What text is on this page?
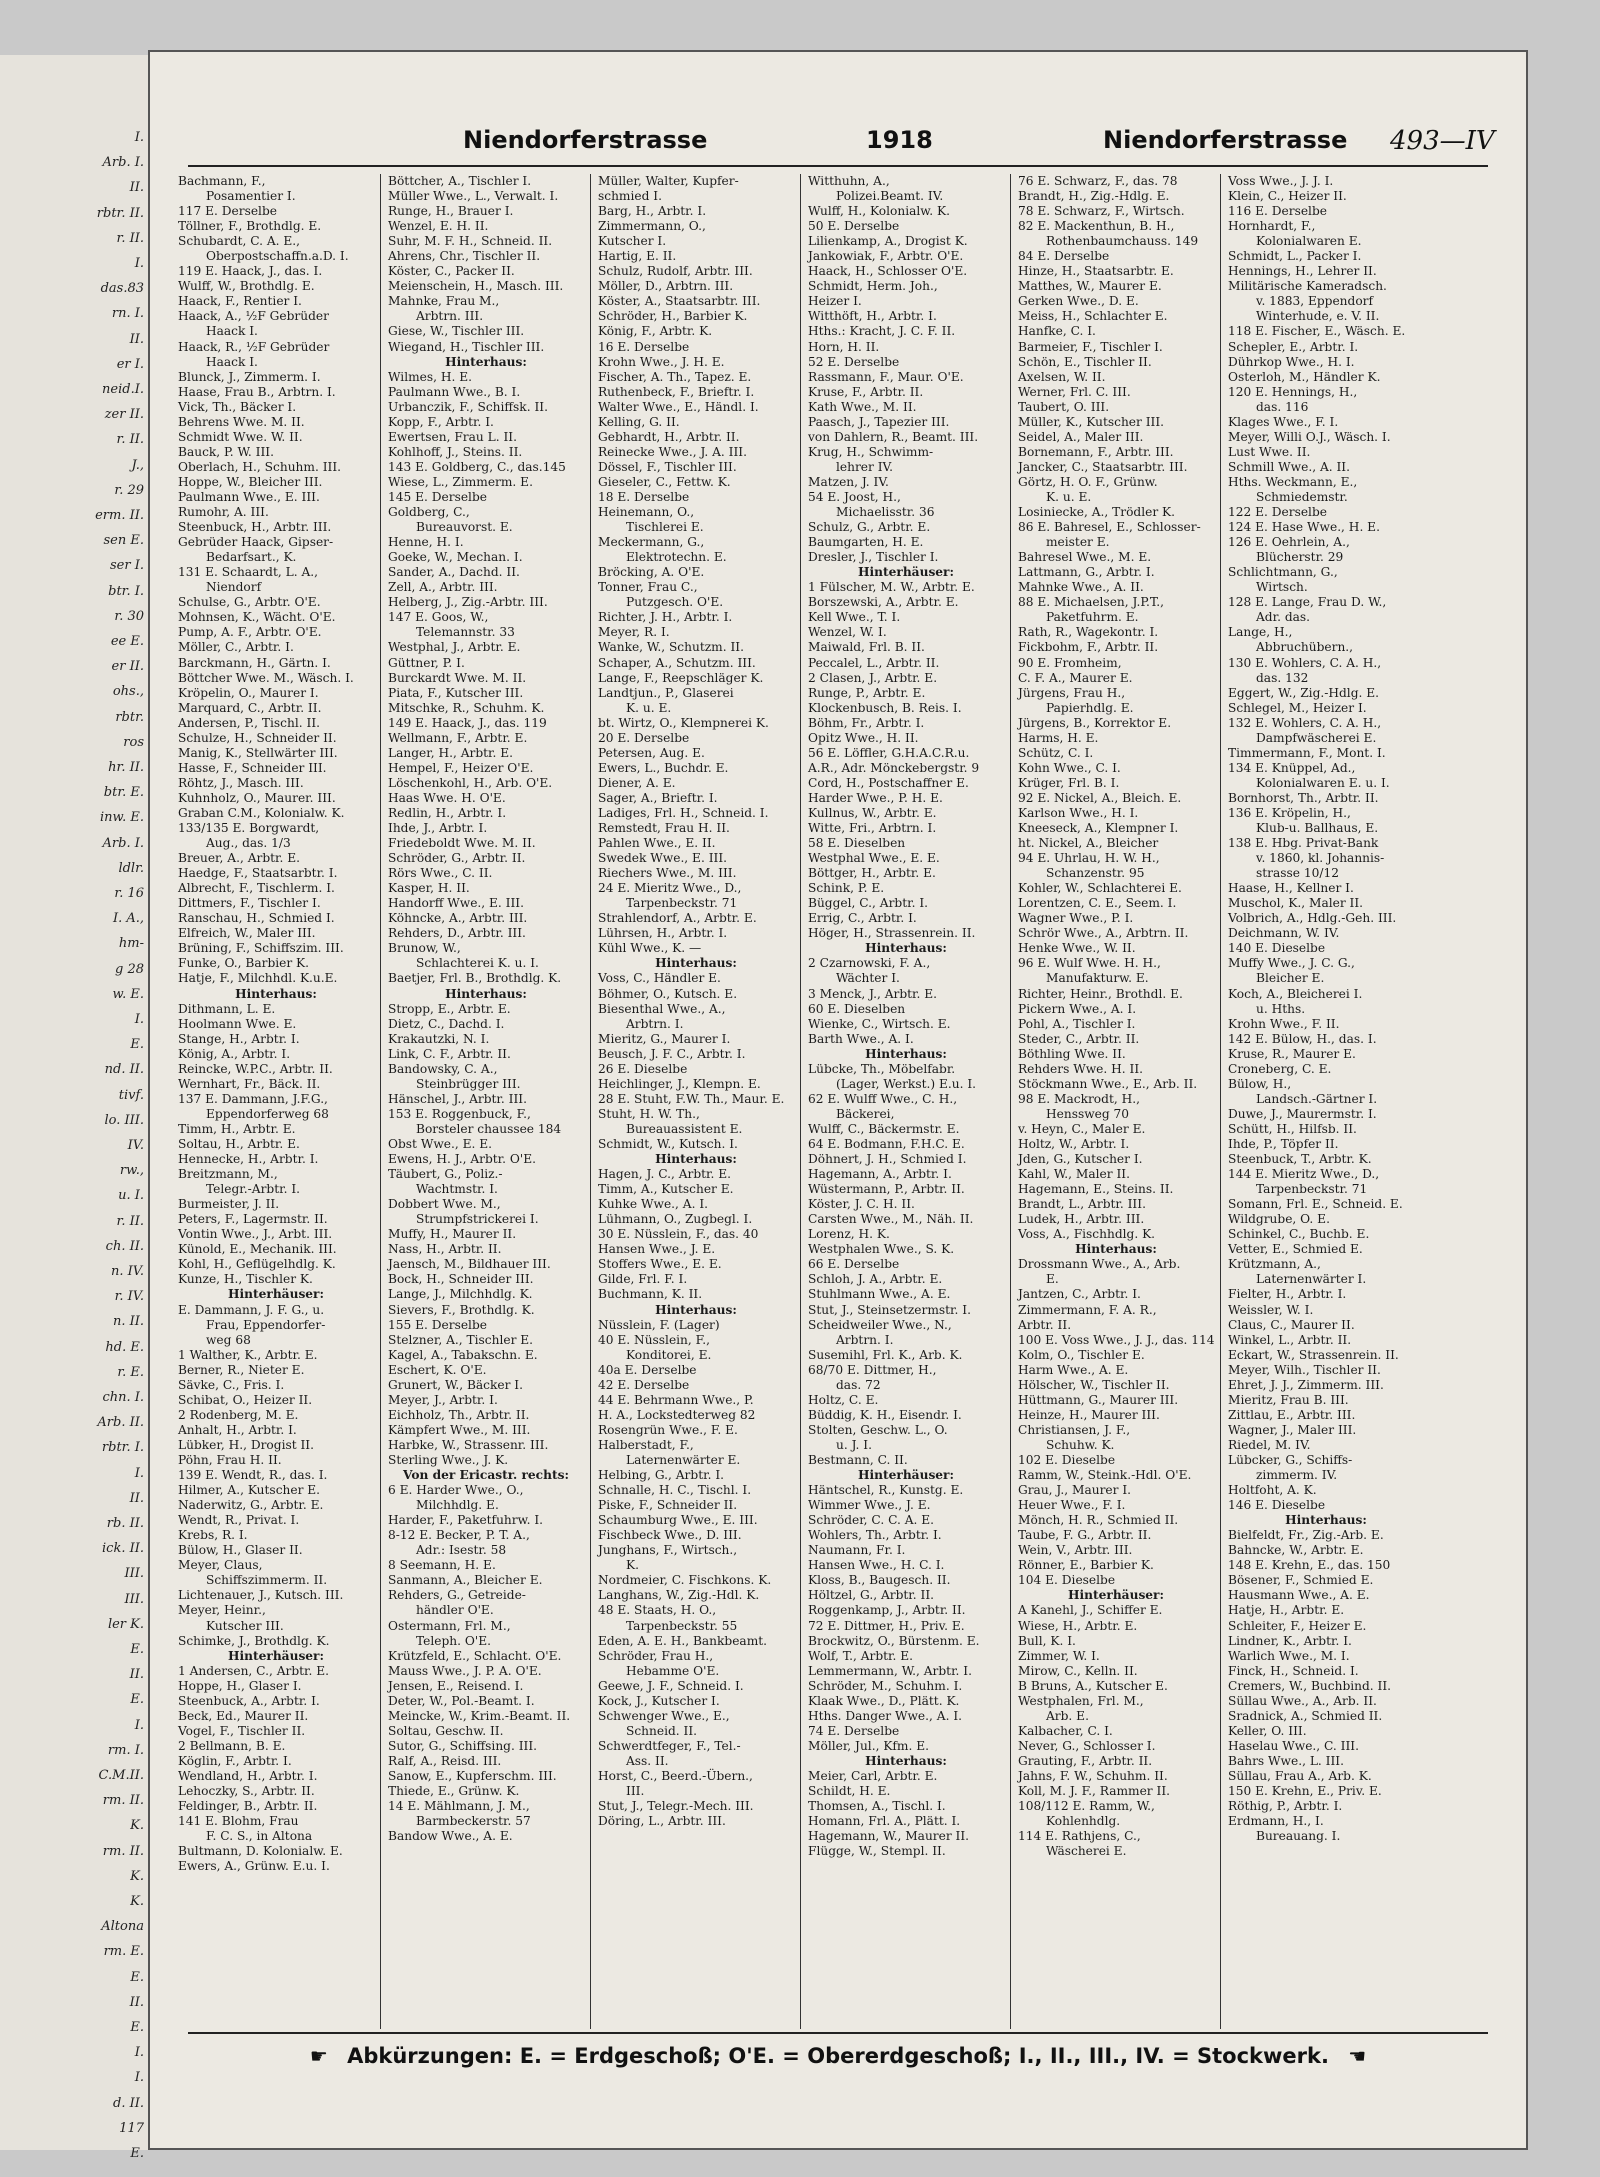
I.
Arb. I.
II.
rbtr. II.
r. II.
I.
das.83
rn. I.
II.
er I.
neid.I.
zer II.
r. II.
J.,
r. 29
erm. II.
sen E.
ser I.
btr. I.
r. 30
ee E.
er II.
ohs.,
rbtr.
ros
hr. II.
btr. E.
inw. E.
Arb. I.
ldlr.
r. 16
I. A.,
hm-
g 28
w. E.
I.
E.
nd. II.
tivf.
lo. III.
IV.
rw.,
u. I.
r. II.
ch. II.
n. IV.
r. IV.
n. II.
hd. E.
r. E.
chn. I.
Arb. II.
rbtr. I.
I.
II.
rb. II.
ick. II.
III.
III.
ler K.
E.
II.
E.
I.
rm. I.
C.M.II.
rm. II.
K.
rm. II.
K.
K.
Altona
rm. E.
E.
II.
E.
I.
I.
d. II.
117
E.
Niendorferstrasse	1918	Niendorferstrasse 493—IV
Bachmann, F.,
Posamentier I.
117 E. Derselbe
Töllner, F., Brothdlg. E.
Schubardt, C. A. E.,
Oberpostschaffn.a.D. I.
119 E. Haack, J., das. I.
Wulff, W., Brothdlg. E.
Haack, F., Rentier I.
Haack, A., ½F Gebrüder
Haack I.
Haack, R., ½F Gebrüder
Haack I.
Blunck, J., Zimmerm. I.
Haase, Frau B., Arbtrn. I.
Vick, Th., Bäcker I.
Behrens Wwe. M. II.
Schmidt Wwe. W. II.
Bauck, P. W. III.
Oberlach, H., Schuhm. III.
Hoppe, W., Bleicher III.
Paulmann Wwe., E. III.
Rumohr, A. III.
Steenbuck, H., Arbtr. III.
Gebrüder Haack, Gipser-
Bedarfsart., K.
131 E. Schaardt, L. A.,
Niendorf
Schulse, G., Arbtr. O'E.
Mohnsen, K., Wächt. O'E.
Pump, A. F., Arbtr. O'E.
Möller, C., Arbtr. I.
Barckmann, H., Gärtn. I.
Böttcher Wwe. M., Wäsch. I.
Kröpelin, O., Maurer I.
Marquard, C., Arbtr. II.
Andersen, P., Tischl. II.
Schulze, H., Schneider II.
Manig, K., Stellwärter III.
Hasse, F., Schneider III.
Röhtz, J., Masch. III.
Kuhnholz, O., Maurer. III.
Graban C.M., Kolonialw. K.
133/135 E. Borgwardt,
Aug., das. 1/3
Breuer, A., Arbtr. E.
Haedge, F., Staatsarbtr. I.
Albrecht, F., Tischlerm. I.
Dittmers, F., Tischler I.
Ranschau, H., Schmied I.
Elfreich, W., Maler III.
Brüning, F., Schiffszim. III.
Funke, O., Barbier K.
Hatje, F., Milchhdl. K.u.E.
Hinterhaus:
Dithmann, L. E.
Hoolmann Wwe. E.
Stange, H., Arbtr. I.
König, A., Arbtr. I.
Reincke, W.P.C., Arbtr. II.
Wernhart, Fr., Bäck. II.
137 E. Dammann, J.F.G.,
Eppendorferweg 68
Timm, H., Arbtr. E.
Soltau, H., Arbtr. E.
Hennecke, H., Arbtr. I.
Breitzmann, M.,
Telegr.-Arbtr. I.
Burmeister, J. II.
Peters, F., Lagermstr. II.
Vontin Wwe., J., Arbt. III.
Künold, E., Mechanik. III.
Kohl, H., Geflügelhdlg. K.
Kunze, H., Tischler K.
Hinterhäuser:
E. Dammann, J. F. G., u.
Frau, Eppendorfer-
weg 68
1 Walther, K., Arbtr. E.
Berner, R., Nieter E.
Sävke, C., Fris. I.
Schibat, O., Heizer II.
2 Rodenberg, M. E.
Anhalt, H., Arbtr. I.
Lübker, H., Drogist II.
Pöhn, Frau H. II.
139 E. Wendt, R., das. I.
Hilmer, A., Kutscher E.
Naderwitz, G., Arbtr. E.
Wendt, R., Privat. I.
Krebs, R. I.
Bülow, H., Glaser II.
Meyer, Claus,
Schiffszimmerm. II.
Lichtenauer, J., Kutsch. III.
Meyer, Heinr.,
Kutscher III.
Schimke, J., Brothdlg. K.
Hinterhäuser:
1 Andersen, C., Arbtr. E.
Hoppe, H., Glaser I.
Steenbuck, A., Arbtr. I.
Beck, Ed., Maurer II.
Vogel, F., Tischler II.
2 Bellmann, B. E.
Köglin, F., Arbtr. I.
Wendland, H., Arbtr. I.
Lehoczky, S., Arbtr. II.
Feldinger, B., Arbtr. II.
141 E. Blohm, Frau
F. C. S., in Altona
Bultmann, D. Kolonialw. E.
Ewers, A., Grünw. E.u. I.
Böttcher, A., Tischler I.
Müller Wwe., L., Verwalt. I.
Runge, H., Brauer I.
Wenzel, E. H. II.
Suhr, M. F. H., Schneid. II.
Ahrens, Chr., Tischler II.
Köster, C., Packer II.
Meienschein, H., Masch. III.
Mahnke, Frau M.,
Arbtrn. III.
Giese, W., Tischler III.
Wiegand, H., Tischler III.
Hinterhaus:
Wilmes, H. E.
Paulmann Wwe., B. I.
Urbanczik, F., Schiffsk. II.
Kopp, F., Arbtr. I.
Ewertsen, Frau L. II.
Kohlhoff, J., Steins. II.
143 E. Goldberg, C., das.145
Wiese, L., Zimmerm. E.
145 E. Derselbe
Goldberg, C.,
Bureauvorst. E.
Henne, H. I.
Goeke, W., Mechan. I.
Sander, A., Dachd. II.
Zell, A., Arbtr. III.
Helberg, J., Zig.-Arbtr. III.
147 E. Goos, W.,
Telemannstr. 33
Westphal, J., Arbtr. E.
Güttner, P. I.
Burckardt Wwe. M. II.
Piata, F., Kutscher III.
Mitschke, R., Schuhm. K.
149 E. Haack, J., das. 119
Wellmann, F., Arbtr. E.
Langer, H., Arbtr. E.
Hempel, F., Heizer O'E.
Löschenkohl, H., Arb. O'E.
Haas Wwe. H. O'E.
Redlin, H., Arbtr. I.
Ihde, J., Arbtr. I.
Friedeboldt Wwe. M. II.
Schröder, G., Arbtr. II.
Rörs Wwe., C. II.
Kasper, H. II.
Handorff Wwe., E. III.
Köhncke, A., Arbtr. III.
Rehders, D., Arbtr. III.
Brunow, W.,
Schlachterei K. u. I.
Baetjer, Frl. B., Brothdlg. K.
Hinterhaus:
Stropp, E., Arbtr. E.
Dietz, C., Dachd. I.
Krakautzki, N. I.
Link, C. F., Arbtr. II.
Bandowsky, C. A.,
Steinbrügger III.
Hänschel, J., Arbtr. III.
153 E. Roggenbuck, F.,
Borsteler chaussee 184
Obst Wwe., E. E.
Ewens, H. J., Arbtr. O'E.
Täubert, G., Poliz.-
Wachtmstr. I.
Dobbert Wwe. M.,
Strumpfstrickerei I.
Muffy, H., Maurer II.
Nass, H., Arbtr. II.
Jaensch, M., Bildhauer III.
Bock, H., Schneider III.
Lange, J., Milchhdlg. K.
Sievers, F., Brothdlg. K.
155 E. Derselbe
Stelzner, A., Tischler E.
Kagel, A., Tabakschn. E.
Eschert, K. O'E.
Grunert, W., Bäcker I.
Meyer, J., Arbtr. I.
Eichholz, Th., Arbtr. II.
Kämpfert Wwe., M. III.
Harbke, W., Strassenr. III.
Sterling Wwe., J. K.
Von der Ericastr. rechts:
6 E. Harder Wwe., O.,
Milchhdlg. E.
Harder, F., Paketfuhrw. I.
8-12 E. Becker, P. T. A.,
Adr.: Isestr. 58
8 Seemann, H. E.
Sanmann, A., Bleicher E.
Rehders, G., Getreide-
händler O'E.
Ostermann, Frl. M.,
Teleph. O'E.
Krützfeld, E., Schlacht. O'E.
Mauss Wwe., J. P. A. O'E.
Jensen, E., Reisend. I.
Deter, W., Pol.-Beamt. I.
Meincke, W., Krim.-Beamt. II.
Soltau, Geschw. II.
Sutor, G., Schiffsing. III.
Ralf, A., Reisd. III.
Sanow, E., Kupferschm. III.
Thiede, E., Grünw. K.
14 E. Mählmann, J. M.,
Barmbeckerstr. 57
Bandow Wwe., A. E.
Müller, Walter, Kupfer-
schmied I.
Barg, H., Arbtr. I.
Zimmermann, O.,
Kutscher I.
Hartig, E. II.
Schulz, Rudolf, Arbtr. III.
Möller, D., Arbtrn. III.
Köster, A., Staatsarbtr. III.
Schröder, H., Barbier K.
König, F., Arbtr. K.
16 E. Derselbe
Krohn Wwe., J. H. E.
Fischer, A. Th., Tapez. E.
Ruthenbeck, F., Brieftr. I.
Walter Wwe., E., Händl. I.
Kelling, G. II.
Gebhardt, H., Arbtr. II.
Reinecke Wwe., J. A. III.
Dössel, F., Tischler III.
Gieseler, C., Fettw. K.
18 E. Derselbe
Heinemann, O.,
Tischlerei E.
Meckermann, G.,
Elektrotechn. E.
Bröcking, A. O'E.
Tonner, Frau C.,
Putzgesch. O'E.
Richter, J. H., Arbtr. I.
Meyer, R. I.
Wanke, W., Schutzm. II.
Schaper, A., Schutzm. III.
Lange, F., Reepschläger K.
Landtjun., P., Glaserei
K. u. E.
bt. Wirtz, O., Klempnerei K.
20 E. Derselbe
Petersen, Aug. E.
Ewers, L., Buchdr. E.
Diener, A. E.
Sager, A., Brieftr. I.
Ladiges, Frl. H., Schneid. I.
Remstedt, Frau H. II.
Pahlen Wwe., E. II.
Swedek Wwe., E. III.
Riechers Wwe., M. III.
24 E. Mieritz Wwe., D.,
Tarpenbeckstr. 71
Strahlendorf, A., Arbtr. E.
Lührsen, H., Arbtr. I.
Kühl Wwe., K. —
Hinterhaus:
Voss, C., Händler E.
Böhmer, O., Kutsch. E.
Biesenthal Wwe., A.,
Arbtrn. I.
Mieritz, G., Maurer I.
Beusch, J. F. C., Arbtr. I.
26 E. Dieselbe
Heichlinger, J., Klempn. E.
28 E. Stuht, F.W. Th., Maur. E.
Stuht, H. W. Th.,
Bureauassistent E.
Schmidt, W., Kutsch. I.
Hinterhaus:
Hagen, J. C., Arbtr. E.
Timm, A., Kutscher E.
Kuhke Wwe., A. I.
Lühmann, O., Zugbegl. I.
30 E. Nüsslein, F., das. 40
Hansen Wwe., J. E.
Stoffers Wwe., E. E.
Gilde, Frl. F. I.
Buchmann, K. II.
Hinterhaus:
Nüsslein, F. (Lager)
40 E. Nüsslein, F.,
Konditorei, E.
40a E. Derselbe
42 E. Derselbe
44 E. Behrmann Wwe., P.
H. A., Lockstedterweg 82
Rosengrün Wwe., F. E.
Halberstadt, F.,
Laternenwärter E.
Helbing, G., Arbtr. I.
Schnalle, H. C., Tischl. I.
Piske, F., Schneider II.
Schaumburg Wwe., E. III.
Fischbeck Wwe., D. III.
Junghans, F., Wirtsch.,
K.
Nordmeier, C. Fischkons. K.
Langhans, W., Zig.-Hdl. K.
48 E. Staats, H. O.,
Tarpenbeckstr. 55
Eden, A. E. H., Bankbeamt.
Schröder, Frau H.,
Hebamme O'E.
Geewe, J. F., Schneid. I.
Kock, J., Kutscher I.
Schwenger Wwe., E.,
Schneid. II.
Schwerdtfeger, F., Tel.-
Ass. II.
Horst, C., Beerd.-Übern.,
III.
Stut, J., Telegr.-Mech. III.
Döring, L., Arbtr. III.
Witthuhn, A.,
Polizei.Beamt. IV.
Wulff, H., Kolonialw. K.
50 E. Derselbe
Lilienkamp, A., Drogist K.
Jankowiak, F., Arbtr. O'E.
Haack, H., Schlosser O'E.
Schmidt, Herm. Joh.,
Heizer I.
Witthöft, H., Arbtr. I.
Hths.: Kracht, J. C. F. II.
Horn, H. II.
52 E. Derselbe
Rassmann, F., Maur. O'E.
Kruse, F., Arbtr. II.
Kath Wwe., M. II.
Paasch, J., Tapezier III.
von Dahlern, R., Beamt. III.
Krug, H., Schwimm-
lehrer IV.
Matzen, J. IV.
54 E. Joost, H.,
Michaelisstr. 36
Schulz, G., Arbtr. E.
Baumgarten, H. E.
Dresler, J., Tischler I.
Hinterhäuser:
1 Fülscher, M. W., Arbtr. E.
Borszewski, A., Arbtr. E.
Kell Wwe., T. I.
Wenzel, W. I.
Maiwald, Frl. B. II.
Peccalel, L., Arbtr. II.
2 Clasen, J., Arbtr. E.
Runge, P., Arbtr. E.
Klockenbusch, B. Reis. I.
Böhm, Fr., Arbtr. I.
Opitz Wwe., H. II.
56 E. Löffler, G.H.A.C.R.u.
A.R., Adr. Mönckebergstr. 9
Cord, H., Postschaffner E.
Harder Wwe., P. H. E.
Kullnus, W., Arbtr. E.
Witte, Fri., Arbtrn. I.
58 E. Dieselben
Westphal Wwe., E. E.
Böttger, H., Arbtr. E.
Schink, P. E.
Büggel, C., Arbtr. I.
Errig, C., Arbtr. I.
Höger, H., Strassenrein. II.
Hinterhaus:
2 Czarnowski, F. A.,
Wächter I.
3 Menck, J., Arbtr. E.
60 E. Dieselben
Wienke, C., Wirtsch. E.
Barth Wwe., A. I.
Hinterhaus:
Lübcke, Th., Möbelfabr.
(Lager, Werkst.) E.u. I.
62 E. Wulff Wwe., C. H.,
Bäckerei,
Wulff, C., Bäckermstr. E.
64 E. Bodmann, F.H.C. E.
Döhnert, J. H., Schmied I.
Hagemann, A., Arbtr. I.
Wüstermann, P., Arbtr. II.
Köster, J. C. H. II.
Carsten Wwe., M., Näh. II.
Lorenz, H. K.
Westphalen Wwe., S. K.
66 E. Derselbe
Schloh, J. A., Arbtr. E.
Stuhlmann Wwe., A. E.
Stut, J., Steinsetzermstr. I.
Scheidweiler Wwe., N.,
Arbtrn. I.
Susemihl, Frl. K., Arb. K.
68/70 E. Dittmer, H.,
das. 72
Holtz, C. E.
Büddig, K. H., Eisendr. I.
Stolten, Geschw. L., O.
u. J. I.
Bestmann, C. II.
Hinterhäuser:
Häntschel, R., Kunstg. E.
Wimmer Wwe., J. E.
Schröder, C. C. A. E.
Wohlers, Th., Arbtr. I.
Naumann, Fr. I.
Hansen Wwe., H. C. I.
Kloss, B., Baugesch. II.
Höltzel, G., Arbtr. II.
Roggenkamp, J., Arbtr. II.
72 E. Dittmer, H., Priv. E.
Brockwitz, O., Bürstenm. E.
Wolf, T., Arbtr. E.
Lemmermann, W., Arbtr. I.
Schröder, M., Schuhm. I.
Klaak Wwe., D., Plätt. K.
Hths. Danger Wwe., A. I.
74 E. Derselbe
Möller, Jul., Kfm. E.
Hinterhaus:
Meier, Carl, Arbtr. E.
Schildt, H. E.
Thomsen, A., Tischl. I.
Homann, Frl. A., Plätt. I.
Hagemann, W., Maurer II.
Flügge, W., Stempl. II.
76 E. Schwarz, F., das. 78
Brandt, H., Zig.-Hdlg. E.
78 E. Schwarz, F., Wirtsch.
82 E. Mackenthun, B. H.,
Rothenbaumchauss. 149
84 E. Derselbe
Hinze, H., Staatsarbtr. E.
Matthes, W., Maurer E.
Gerken Wwe., D. E.
Meiss, H., Schlachter E.
Hanfke, C. I.
Barmeier, F., Tischler I.
Schön, E., Tischler II.
Axelsen, W. II.
Werner, Frl. C. III.
Taubert, O. III.
Müller, K., Kutscher III.
Seidel, A., Maler III.
Bornemann, F., Arbtr. III.
Jancker, C., Staatsarbtr. III.
Görtz, H. O. F., Grünw.
K. u. E.
Losiniecke, A., Trödler K.
86 E. Bahresel, E., Schlosser-
meister E.
Bahresel Wwe., M. E.
Lattmann, G., Arbtr. I.
Mahnke Wwe., A. II.
88 E. Michaelsen, J.P.T.,
Paketfuhrm. E.
Rath, R., Wagekontr. I.
Fickbohm, F., Arbtr. II.
90 E. Fromheim,
C. F. A., Maurer E.
Jürgens, Frau H.,
Papierhdlg. E.
Jürgens, B., Korrektor E.
Harms, H. E.
Schütz, C. I.
Kohn Wwe., C. I.
Krüger, Frl. B. I.
92 E. Nickel, A., Bleich. E.
Karlson Wwe., H. I.
Kneeseck, A., Klempner I.
ht. Nickel, A., Bleicher
94 E. Uhrlau, H. W. H.,
Schanzenstr. 95
Kohler, W., Schlachterei E.
Lorentzen, C. E., Seem. I.
Wagner Wwe., P. I.
Schrör Wwe., A., Arbtrn. II.
Henke Wwe., W. II.
96 E. Wulf Wwe. H. H.,
Manufakturw. E.
Richter, Heinr., Brothdl. E.
Pickern Wwe., A. I.
Pohl, A., Tischler I.
Steder, C., Arbtr. II.
Böthling Wwe. II.
Rehders Wwe. H. II.
Stöckmann Wwe., E., Arb. II.
98 E. Mackrodt, H.,
Henssweg 70
v. Heyn, C., Maler E.
Holtz, W., Arbtr. I.
Jden, G., Kutscher I.
Kahl, W., Maler II.
Hagemann, E., Steins. II.
Brandt, L., Arbtr. III.
Ludek, H., Arbtr. III.
Voss, A., Fischhdlg. K.
Hinterhaus:
Drossmann Wwe., A., Arb.
E.
Jantzen, C., Arbtr. I.
Zimmermann, F. A. R.,
Arbtr. II.
100 E. Voss Wwe., J. J., das. 114
Kolm, O., Tischler E.
Harm Wwe., A. E.
Hölscher, W., Tischler II.
Hüttmann, G., Maurer III.
Heinze, H., Maurer III.
Christiansen, J. F.,
Schuhw. K.
102 E. Dieselbe
Ramm, W., Steink.-Hdl. O'E.
Grau, J., Maurer I.
Heuer Wwe., F. I.
Mönch, H. R., Schmied II.
Taube, F. G., Arbtr. II.
Wein, V., Arbtr. III.
Rönner, E., Barbier K.
104 E. Dieselbe
Hinterhäuser:
A Kanehl, J., Schiffer E.
Wiese, H., Arbtr. E.
Bull, K. I.
Zimmer, W. I.
Mirow, C., Kelln. II.
B Bruns, A., Kutscher E.
Westphalen, Frl. M.,
Arb. E.
Kalbacher, C. I.
Never, G., Schlosser I.
Grauting, F., Arbtr. II.
Jahns, F. W., Schuhm. II.
Koll, M. J. F., Rammer II.
108/112 E. Ramm, W.,
Kohlenhdlg.
114 E. Rathjens, C.,
Wäscherei E.
Voss Wwe., J. J. I.
Klein, C., Heizer II.
116 E. Derselbe
Hornhardt, F.,
Kolonialwaren E.
Schmidt, L., Packer I.
Hennings, H., Lehrer II.
Militärische Kameradsch.
v. 1883, Eppendorf
Winterhude, e. V. II.
118 E. Fischer, E., Wäsch. E.
Schepler, E., Arbtr. I.
Dührkop Wwe., H. I.
Osterloh, M., Händler K.
120 E. Hennings, H.,
das. 116
Klages Wwe., F. I.
Meyer, Willi O.J., Wäsch. I.
Lust Wwe. II.
Schmill Wwe., A. II.
Hths. Weckmann, E.,
Schmiedemstr.
122 E. Derselbe
124 E. Hase Wwe., H. E.
126 E. Oehrlein, A.,
Blücherstr. 29
Schlichtmann, G.,
Wirtsch.
128 E. Lange, Frau D. W.,
Adr. das.
Lange, H.,
Abbruchübern.,
130 E. Wohlers, C. A. H.,
das. 132
Eggert, W., Zig.-Hdlg. E.
Schlegel, M., Heizer I.
132 E. Wohlers, C. A. H.,
Dampfwäscherei E.
Timmermann, F., Mont. I.
134 E. Knüppel, Ad.,
Kolonialwaren E. u. I.
Bornhorst, Th., Arbtr. II.
136 E. Kröpelin, H.,
Klub-u. Ballhaus, E.
138 E. Hbg. Privat-Bank
v. 1860, kl. Johannis-
strasse 10/12
Haase, H., Kellner I.
Muschol, K., Maler II.
Volbrich, A., Hdlg.-Geh. III.
Deichmann, W. IV.
140 E. Dieselbe
Muffy Wwe., J. C. G.,
Bleicher E.
Koch, A., Bleicherei I.
u. Hths.
Krohn Wwe., F. II.
142 E. Bülow, H., das. I.
Kruse, R., Maurer E.
Croneberg, C. E.
Bülow, H.,
Landsch.-Gärtner I.
Duwe, J., Maurermstr. I.
Schütt, H., Hilfsb. II.
Ihde, P., Töpfer II.
Steenbuck, T., Arbtr. K.
144 E. Mieritz Wwe., D.,
Tarpenbeckstr. 71
Somann, Frl. E., Schneid. E.
Wildgrube, O. E.
Schinkel, C., Buchb. E.
Vetter, E., Schmied E.
Krützmann, A.,
Laternenwärter I.
Fielter, H., Arbtr. I.
Weissler, W. I.
Claus, C., Maurer II.
Winkel, L., Arbtr. II.
Eckart, W., Strassenrein. II.
Meyer, Wilh., Tischler II.
Ehret, J. J., Zimmerm. III.
Mieritz, Frau B. III.
Zittlau, E., Arbtr. III.
Wagner, J., Maler III.
Riedel, M. IV.
Lübcker, G., Schiffs-
zimmerm. IV.
Holtfoht, A. K.
146 E. Dieselbe
Hinterhaus:
Bielfeldt, Fr., Zig.-Arb. E.
Bahncke, W., Arbtr. E.
148 E. Krehn, E., das. 150
Bösener, F., Schmied E.
Hausmann Wwe., A. E.
Hatje, H., Arbtr. E.
Schleiter, F., Heizer E.
Lindner, K., Arbtr. I.
Warlich Wwe., M. I.
Finck, H., Schneid. I.
Cremers, W., Buchbind. II.
Süllau Wwe., A., Arb. II.
Sradnick, A., Schmied II.
Keller, O. III.
Haselau Wwe., C. III.
Bahrs Wwe., L. III.
Süllau, Frau A., Arb. K.
150 E. Krehn, E., Priv. E.
Röthig, P., Arbtr. I.
Erdmann, H., I.
Bureauang. I.
☛ Abkürzungen: E. = Erdgeschoß; O'E. = Obererdgeschoß; I., II., III., IV. = Stockwerk. ☚
